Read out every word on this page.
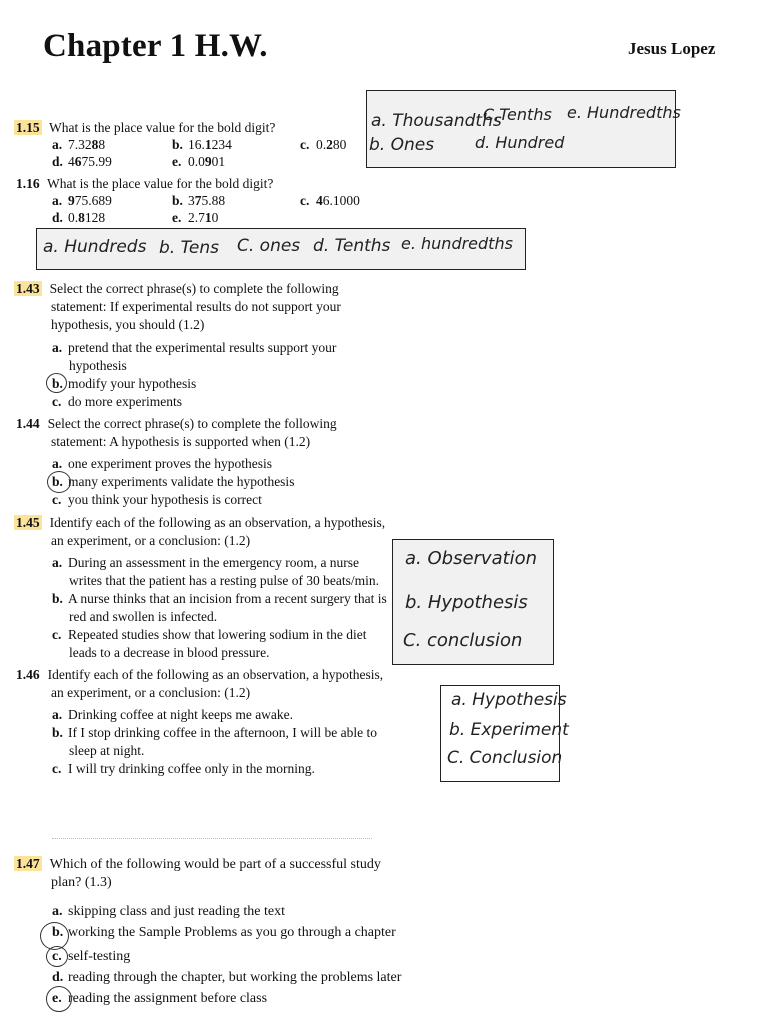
Chapter 1 H.W.	Jesus Lopez
1.15 What is the place value for the bold digit?
a. 7.3288	b. 16.1234	c. 0.280
d. 4675.99	e. 0.0901
a. Thousandths
C.Tenths e. Hundredths
b. Ones	d. Hundred
1.16 What is the place value for the bold digit?
a. 975.689	b. 375.88	c. 46.1000
d. 0.8128	e. 2.710
a. Hundreds b. Tens C. ones d. Tenths e. hundredths
1.43 Select the correct phrase(s) to complete the following
statement: If experimental results do not support your
hypothesis, you should (1.2)
a. pretend that the experimental results support your
hypothesis
b. modify your hypothesis
c. do more experiments
1.44 Select the correct phrase(s) to complete the following
statement: A hypothesis is supported when (1.2)
a. one experiment proves the hypothesis
b. many experiments validate the hypothesis
c. you think your hypothesis is correct
1.45 Identify each of the following as an observation, a hypothesis,
an experiment, or a conclusion: (1.2)
a. During an assessment in the emergency room, a nurse
writes that the patient has a resting pulse of 30 beats/min.
b. A nurse thinks that an incision from a recent surgery that is
red and swollen is infected.
c. Repeated studies show that lowering sodium in the diet
leads to a decrease in blood pressure.
a. Observation
b. Hypothesis
C. conclusion
1.46 Identify each of the following as an observation, a hypothesis,
an experiment, or a conclusion: (1.2)
a. Drinking coffee at night keeps me awake.
b. If I stop drinking coffee in the afternoon, I will be able to
sleep at night.
c. I will try drinking coffee only in the morning.
a. Hypothesis
b. Experiment
C. Conclusion
1.47 Which of the following would be part of a successful study
plan? (1.3)
a. skipping class and just reading the text
b. working the Sample Problems as you go through a chapter
c. self-testing
d. reading through the chapter, but working the problems later
e. reading the assignment before class
